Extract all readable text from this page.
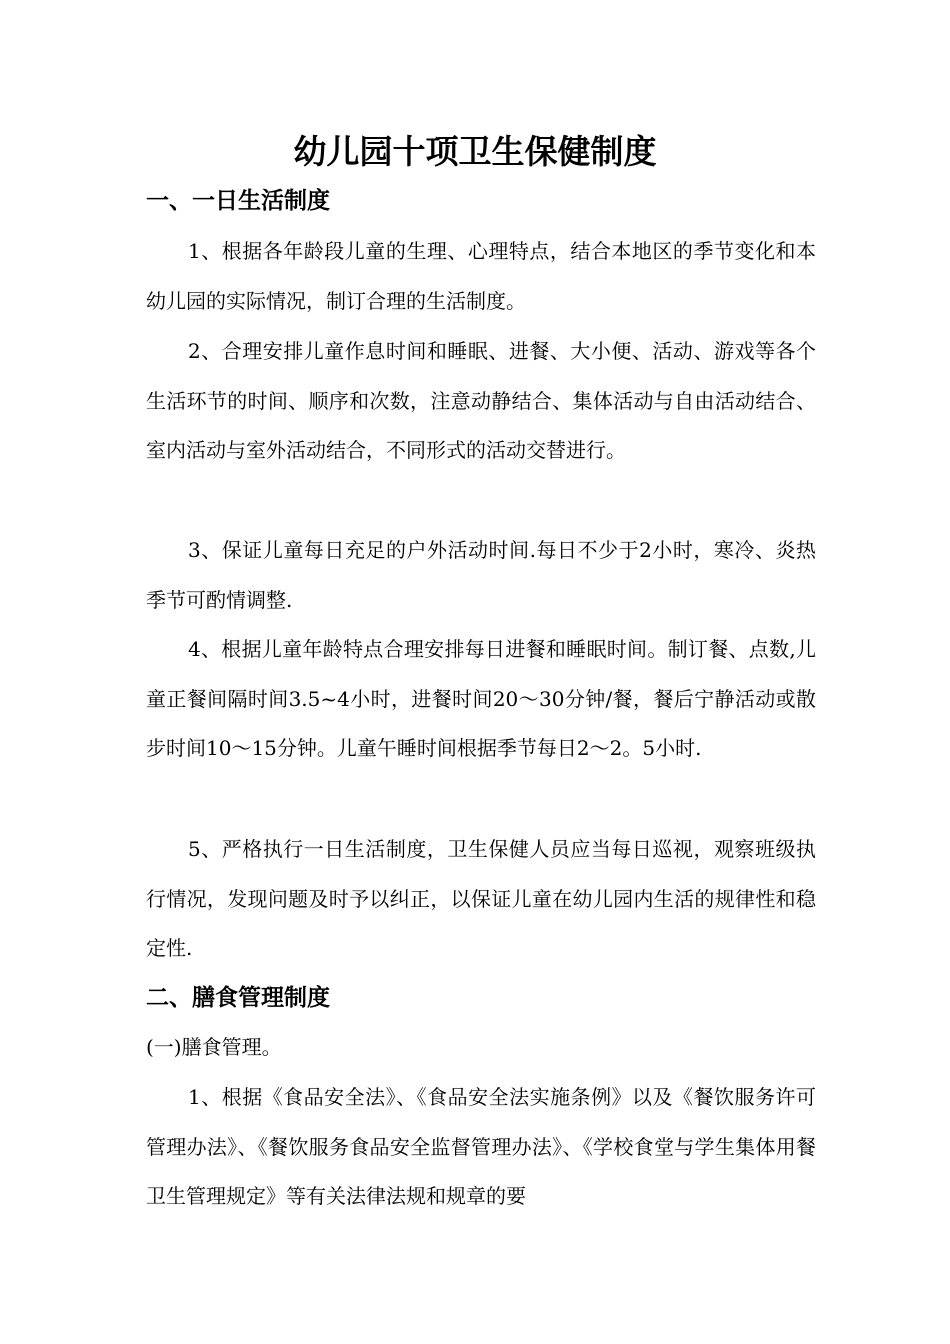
幼儿园十项卫生保健制度
一、一日生活制度

1、根据各年龄段儿童的生理、心理特点，结合本地区的季节变化和本幼儿园的实际情况，制订合理的生活制度。

2、合理安排儿童作息时间和睡眠、进餐、大小便、活动、游戏等各个生活环节的时间、顺序和次数，注意动静结合、集体活动与自由活动结合、室内活动与室外活动结合，不同形式的活动交替进行。

3、保证儿童每日充足的户外活动时间.每日不少于2小时，寒冷、炎热季节可酌情调整.

4、根据儿童年龄特点合理安排每日进餐和睡眠时间。制订餐、点数,儿童正餐间隔时间3.5~4小时，进餐时间20～30分钟/餐，餐后宁静活动或散步时间10～15分钟。儿童午睡时间根据季节每日2～2。5小时.

5、严格执行一日生活制度，卫生保健人员应当每日巡视，观察班级执行情况，发现问题及时予以纠正，以保证儿童在幼儿园内生活的规律性和稳定性.

二、膳食管理制度

(一)膳食管理。

1、根据《食品安全法》、《食品安全法实施条例》以及《餐饮服务许可管理办法》、《餐饮服务食品安全监督管理办法》、《学校食堂与学生集体用餐卫生管理规定》等有关法律法规和规章的要
